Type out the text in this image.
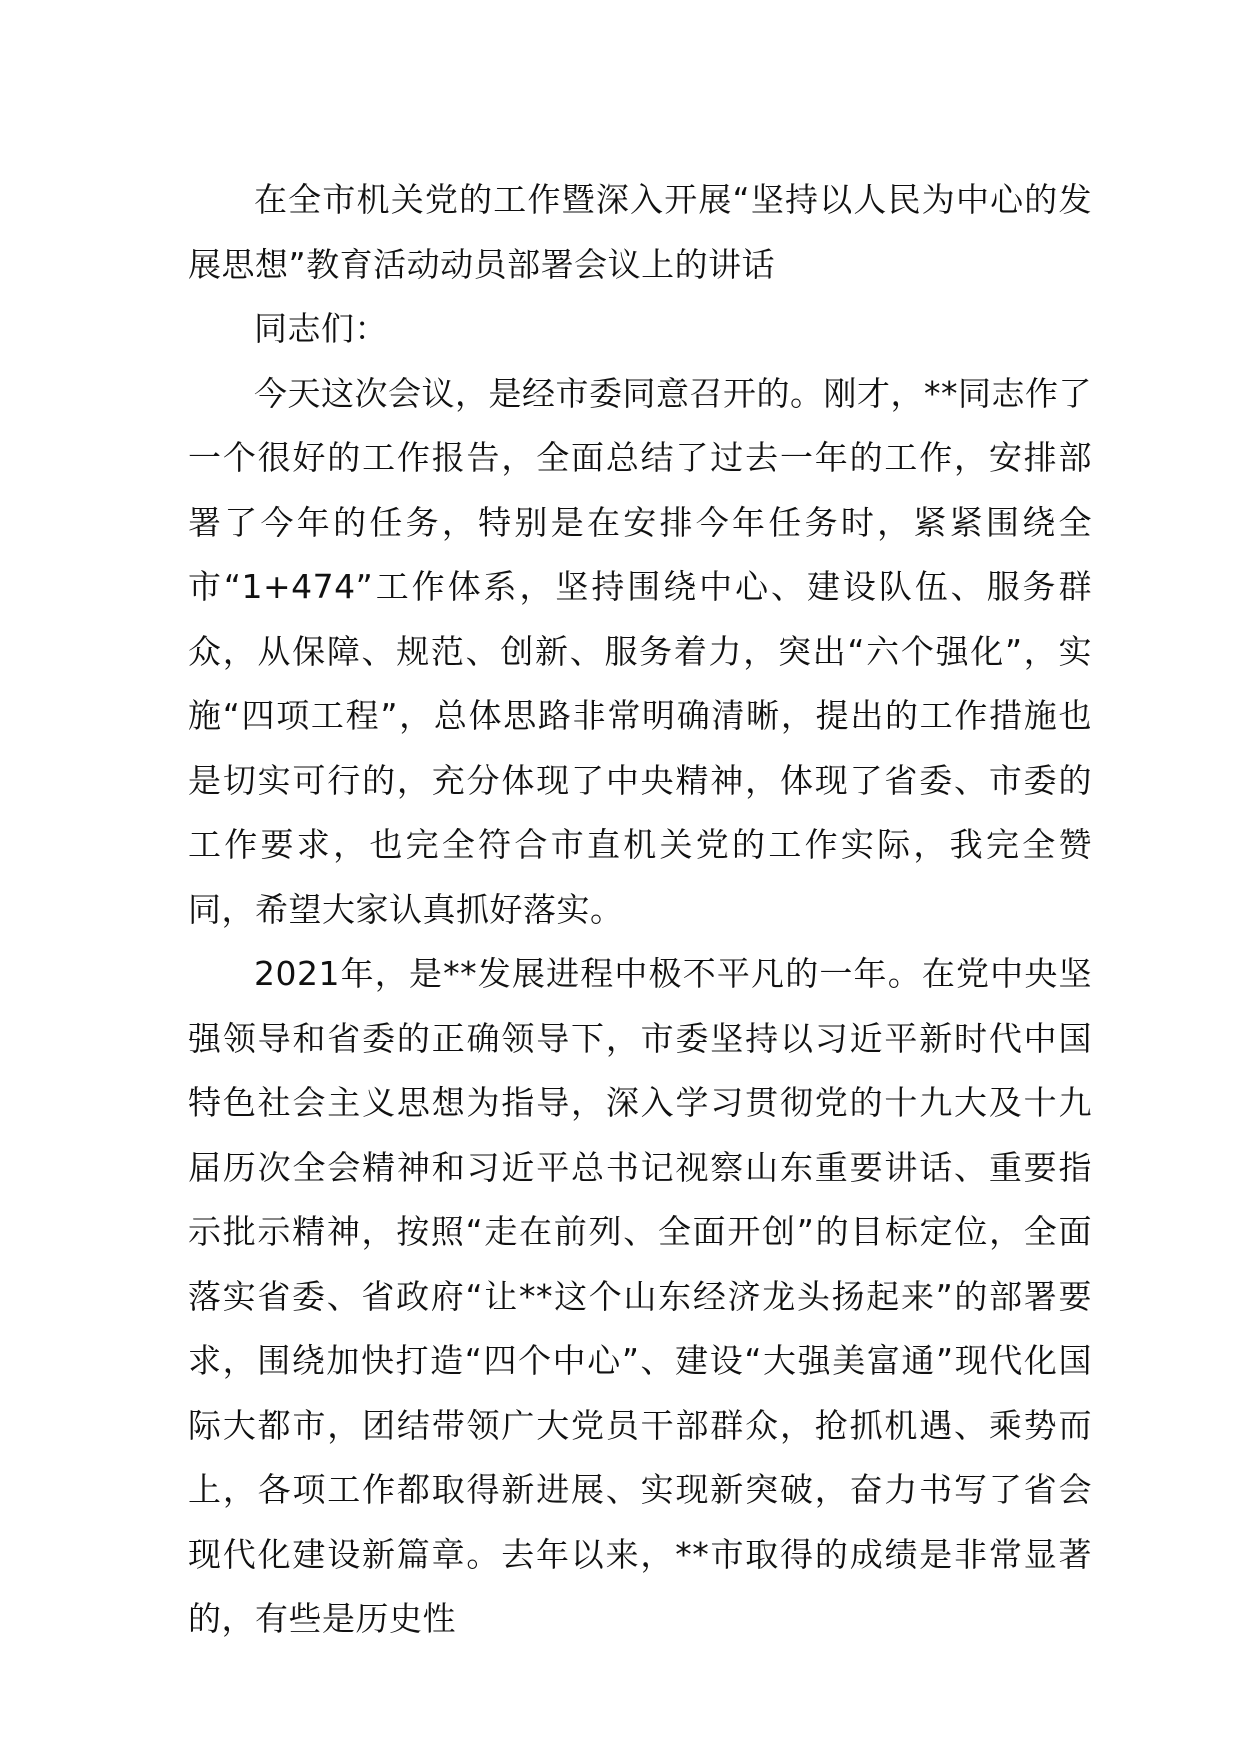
在全市机关党的工作暨深入开展“坚持以人民为中心的发展思想”教育活动动员部署会议上的讲话

同志们：

今天这次会议，是经市委同意召开的。刚才，**同志作了一个很好的工作报告，全面总结了过去一年的工作，安排部署了今年的任务，特别是在安排今年任务时，紧紧围绕全市“1+474”工作体系，坚持围绕中心、建设队伍、服务群众，从保障、规范、创新、服务着力，突出“六个强化”，实施“四项工程”，总体思路非常明确清晰，提出的工作措施也是切实可行的，充分体现了中央精神，体现了省委、市委的工作要求，也完全符合市直机关党的工作实际，我完全赞同，希望大家认真抓好落实。

2021年，是**发展进程中极不平凡的一年。在党中央坚强领导和省委的正确领导下，市委坚持以习近平新时代中国特色社会主义思想为指导，深入学习贯彻党的十九大及十九届历次全会精神和习近平总书记视察山东重要讲话、重要指示批示精神，按照“走在前列、全面开创”的目标定位，全面落实省委、省政府“让**这个山东经济龙头扬起来”的部署要求，围绕加快打造“四个中心”、建设“大强美富通”现代化国际大都市，团结带领广大党员干部群众，抢抓机遇、乘势而上，各项工作都取得新进展、实现新突破，奋力书写了省会现代化建设新篇章。去年以来，**市取得的成绩是非常显著的，有些是历史性
